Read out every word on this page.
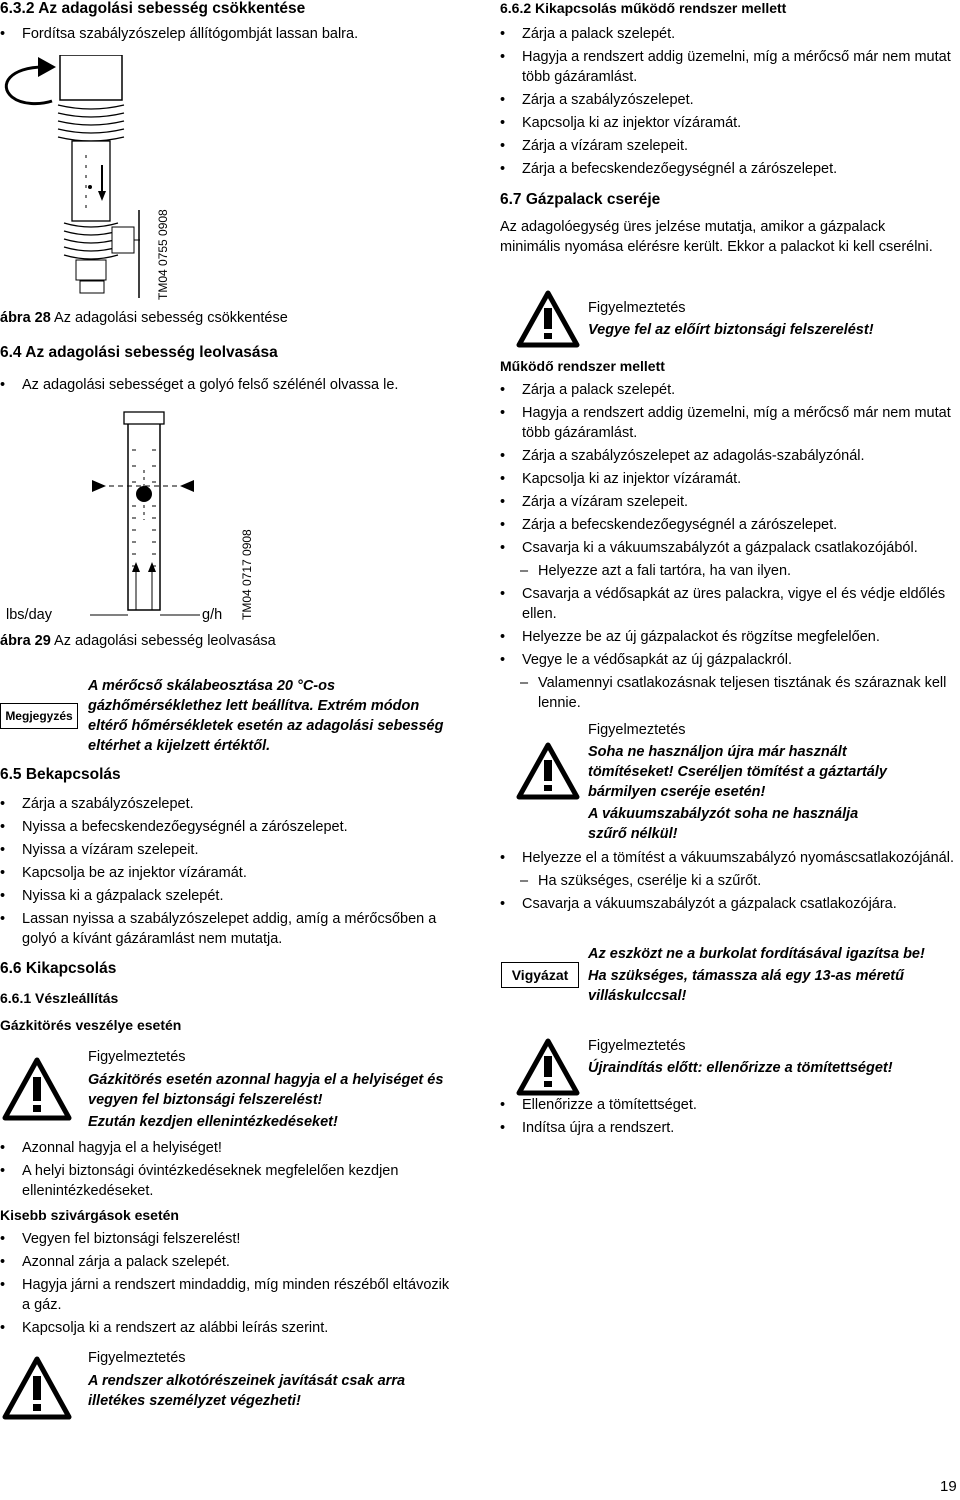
6.3.2 Az adagolási sebesség csökkentése
• Fordítsa szabályzószelep állítógombját lassan balra.
TM04 0755 0908
ábra 28 Az adagolási sebesség csökkentése
6.4 Az adagolási sebesség leolvasása
• Az adagolási sebességet a golyó felső szélénél olvassa le.
lbs/day	g/h TM04 0717 0908
ábra 29 Az adagolási sebesség leolvasása
Megjegyzés
A mérőcső skálabeosztása 20 °C-os gázhőmérséklethez lett beállítva. Extrém módon eltérő hőmérsékletek esetén az adagolási sebesség eltérhet a kijelzett értéktől.
6.5 Bekapcsolás
• Zárja a szabályzószelepet.
• Nyissa a befecskendezőegységnél a zárószelepet.
• Nyissa a vízáram szelepeit.
• Kapcsolja be az injektor vízáramát.
• Nyissa ki a gázpalack szelepét.
• Lassan nyissa a szabályzószelepet addig, amíg a mérőcsőben a golyó a kívánt gázáramlást nem mutatja.
6.6 Kikapcsolás
6.6.1 Vészleállítás
Gázkitörés veszélye esetén
Figyelmeztetés
Gázkitörés esetén azonnal hagyja el a helyiséget és vegyen fel biztonsági felszerelést!
Ezután kezdjen ellenintézkedéseket!
• Azonnal hagyja el a helyiséget!
• A helyi biztonsági óvintézkedéseknek megfelelően kezdjen ellenintézkedéseket.
Kisebb szivárgások esetén
• Vegyen fel biztonsági felszerelést!
• Azonnal zárja a palack szelepét.
• Hagyja járni a rendszert mindaddig, míg minden részéből eltávozik a gáz.
• Kapcsolja ki a rendszert az alábbi leírás szerint.
Figyelmeztetés
A rendszer alkotórészeinek javítását csak arra illetékes személyzet végezheti!
6.6.2 Kikapcsolás működő rendszer mellett
• Zárja a palack szelepét.
• Hagyja a rendszert addig üzemelni, míg a mérőcső már nem mutat több gázáramlást.
• Zárja a szabályzószelepet.
• Kapcsolja ki az injektor vízáramát.
• Zárja a vízáram szelepeit.
• Zárja a befecskendezőegységnél a zárószelepet.
6.7 Gázpalack cseréje
Az adagolóegység üres jelzése mutatja, amikor a gázpalack minimális nyomása elérésre került. Ekkor a palackot ki kell cserélni.
Figyelmeztetés
Vegye fel az előírt biztonsági felszerelést!
Működő rendszer mellett
• Zárja a palack szelepét.
• Hagyja a rendszert addig üzemelni, míg a mérőcső már nem mutat több gázáramlást.
• Zárja a szabályzószelepet az adagolás-szabályzónál.
• Kapcsolja ki az injektor vízáramát.
• Zárja a vízáram szelepeit.
• Zárja a befecskendezőegységnél a zárószelepet.
• Csavarja ki a vákuumszabályzót a gázpalack csatlakozójából.
– Helyezze azt a fali tartóra, ha van ilyen.
• Csavarja a védősapkát az üres palackra, vigye el és védje eldőlés ellen.
• Helyezze be az új gázpalackot és rögzítse megfelelően.
• Vegye le a védősapkát az új gázpalackról.
– Valamennyi csatlakozásnak teljesen tisztának és száraznak kell lennie.
Figyelmeztetés
Soha ne használjon újra már használt tömítéseket! Cseréljen tömítést a gáztartály bármilyen cseréje esetén!
A vákuumszabályzót soha ne használja szűrő nélkül!
• Helyezze el a tömítést a vákuumszabályzó nyomáscsatlakozójánál.
– Ha szükséges, cserélje ki a szűrőt.
• Csavarja a vákuumszabályzót a gázpalack csatlakozójára.
Vigyázat
Az eszközt ne a burkolat fordításával igazítsa be!
Ha szükséges, támassza alá egy 13-as méretű villáskulccsal!
Figyelmeztetés
Újraindítás előtt: ellenőrizze a tömítettséget!
• Ellenőrizze a tömítettséget.
• Indítsa újra a rendszert.
19
